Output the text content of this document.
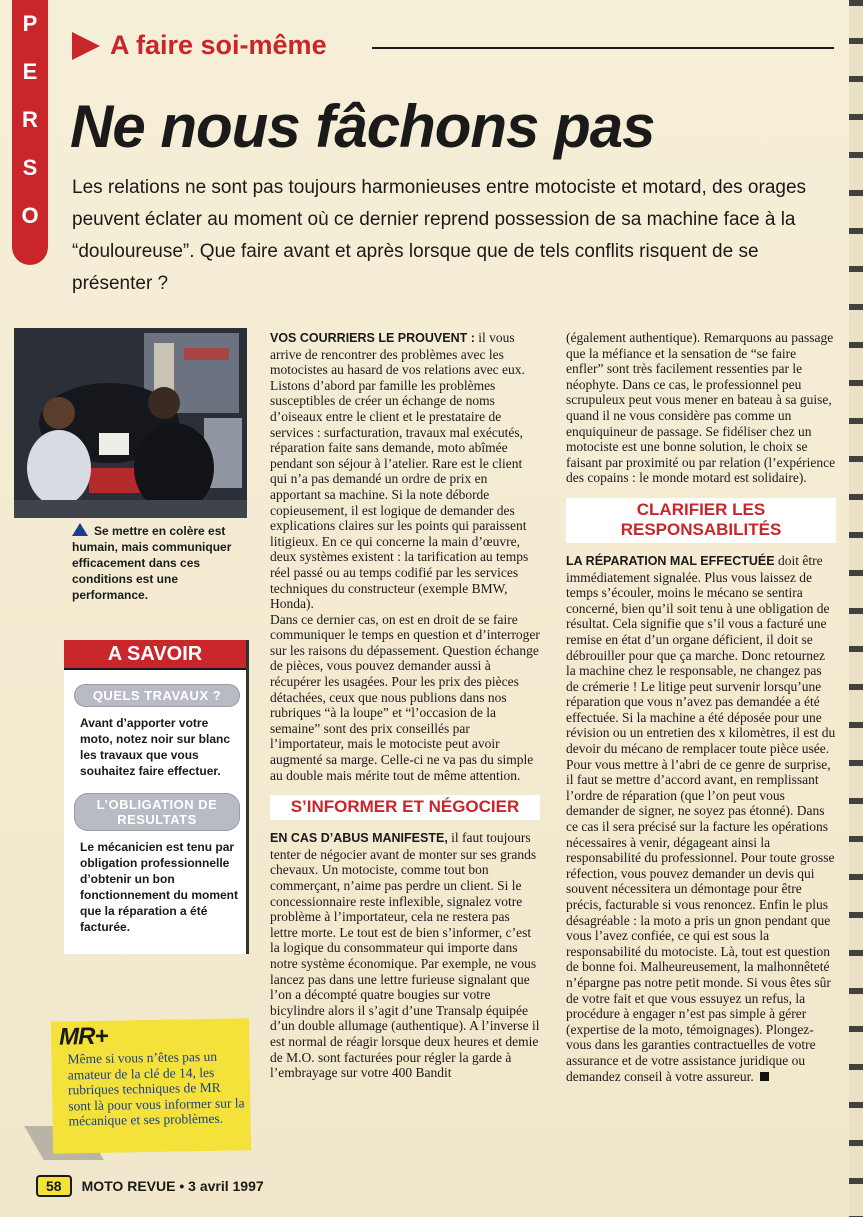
P
E
R
S
O
A faire soi-même
Ne nous fâchons pas

Les relations ne sont pas toujours harmonieuses entre motociste et motard, des orages peuvent éclater au moment où ce dernier reprend possession de sa machine face à la “douloureuse”. Que faire avant et après lorsque que de tels conflits risquent de se présenter ?

Se mettre en colère est humain, mais communiquer efficacement dans ces conditions est une performance.
A SAVOIR
QUELS TRAVAUX ?

Avant d’apporter votre moto, notez noir sur blanc les travaux que vous souhaitez faire effectuer.

L’OBLIGATION DE RESULTATS

Le mécanicien est tenu par obligation professionnelle d’obtenir un bon fonctionnement du moment que la réparation a été facturée.

MR+

Même si vous n’êtes pas un amateur de la clé de 14, les rubriques techniques de MR sont là pour vous informer sur la mécanique et ses problèmes.

VOS COURRIERS LE PROUVENT : il vous arrive de rencontrer des problèmes avec les motocistes au hasard de vos relations avec eux. Listons d’abord par famille les problèmes susceptibles de créer un échange de noms d’oiseaux entre le client et le prestataire de services : surfacturation, travaux mal exécutés, réparation faite sans demande, moto abîmée pendant son séjour à l’atelier. Rare est le client qui n’a pas demandé un ordre de prix en apportant sa machine. Si la note déborde copieusement, il est logique de demander des explications claires sur les points qui paraissent litigieux. En ce qui concerne la main d’œuvre, deux systèmes existent : la tarification au temps réel passé ou au temps codifié par les services techniques du constructeur (exemple BMW, Honda).

Dans ce dernier cas, on est en droit de se faire communiquer le temps en question et d’interroger sur les raisons du dépassement. Question échange de pièces, vous pouvez demander aussi à récupérer les usagées. Pour les prix des pièces détachées, ceux que nous publions dans nos rubriques “à la loupe” et “l’occasion de la semaine” sont des prix conseillés par l’importateur, mais le motociste peut avoir augmenté sa marge. Celle-ci ne va pas du simple au double mais mérite tout de même attention.

S’INFORMER ET NÉGOCIER

EN CAS D’ABUS MANIFESTE, il faut toujours tenter de négocier avant de monter sur ses grands chevaux. Un motociste, comme tout bon commerçant, n’aime pas perdre un client. Si le concessionnaire reste inflexible, signalez votre problème à l’importateur, cela ne restera pas lettre morte. Le tout est de bien s’informer, c’est la logique du consommateur qui importe dans notre système économique. Par exemple, ne vous lancez pas dans une lettre furieuse signalant que l’on a décompté quatre bougies sur votre bicylindre alors il s’agit d’une Transalp équipée d’un double allumage (authentique). A l’inverse il est normal de réagir lorsque deux heures et demie de M.O. sont facturées pour régler la garde à l’embrayage sur votre 400 Bandit

(également authentique). Remarquons au passage que la méfiance et la sensation de “se faire enfler” sont très facilement ressenties par le néophyte. Dans ce cas, le professionnel peu scrupuleux peut vous mener en bateau à sa guise, quand il ne vous considère pas comme un enquiquineur de passage. Se fidéliser chez un motociste est une bonne solution, le choix se faisant par proximité ou par relation (l’expérience des copains : le monde motard est solidaire).

CLARIFIER LES RESPONSABILITÉS

LA RÉPARATION MAL EFFECTUÉE doit être immédiatement signalée. Plus vous laissez de temps s’écouler, moins le mécano se sentira concerné, bien qu’il soit tenu à une obligation de résultat. Cela signifie que s’il vous a facturé une remise en état d’un organe déficient, il doit se débrouiller pour que ça marche. Donc retournez la machine chez le responsable, ne changez pas de crémerie ! Le litige peut survenir lorsqu’une réparation que vous n’avez pas demandée a été effectuée. Si la machine a été déposée pour une révision ou un entretien des x kilomètres, il est du devoir du mécano de remplacer toute pièce usée. Pour vous mettre à l’abri de ce genre de surprise, il faut se mettre d’accord avant, en remplissant l’ordre de réparation (que l’on peut vous demander de signer, ne soyez pas étonné). Dans ce cas il sera précisé sur la facture les opérations nécessaires à venir, dégageant ainsi la responsabilité du professionnel. Pour toute grosse réfection, vous pouvez demander un devis qui souvent nécessitera un démontage pour être précis, facturable si vous renoncez. Enfin le plus désagréable : la moto a pris un gnon pendant que vous l’avez confiée, ce qui est sous la responsabilité du motociste. Là, tout est question de bonne foi. Malheureusement, la malhonnêteté n’épargne pas notre petit monde. Si vous êtes sûr de votre fait et que vous essuyez un refus, la procédure à engager n’est pas simple à gérer (expertise de la moto, témoignages). Plongez-vous dans les garanties contractuelles de votre assurance et de votre assistance juridique ou demandez conseil à votre assureur.

58	MOTO REVUE
•
3 avril 1997
